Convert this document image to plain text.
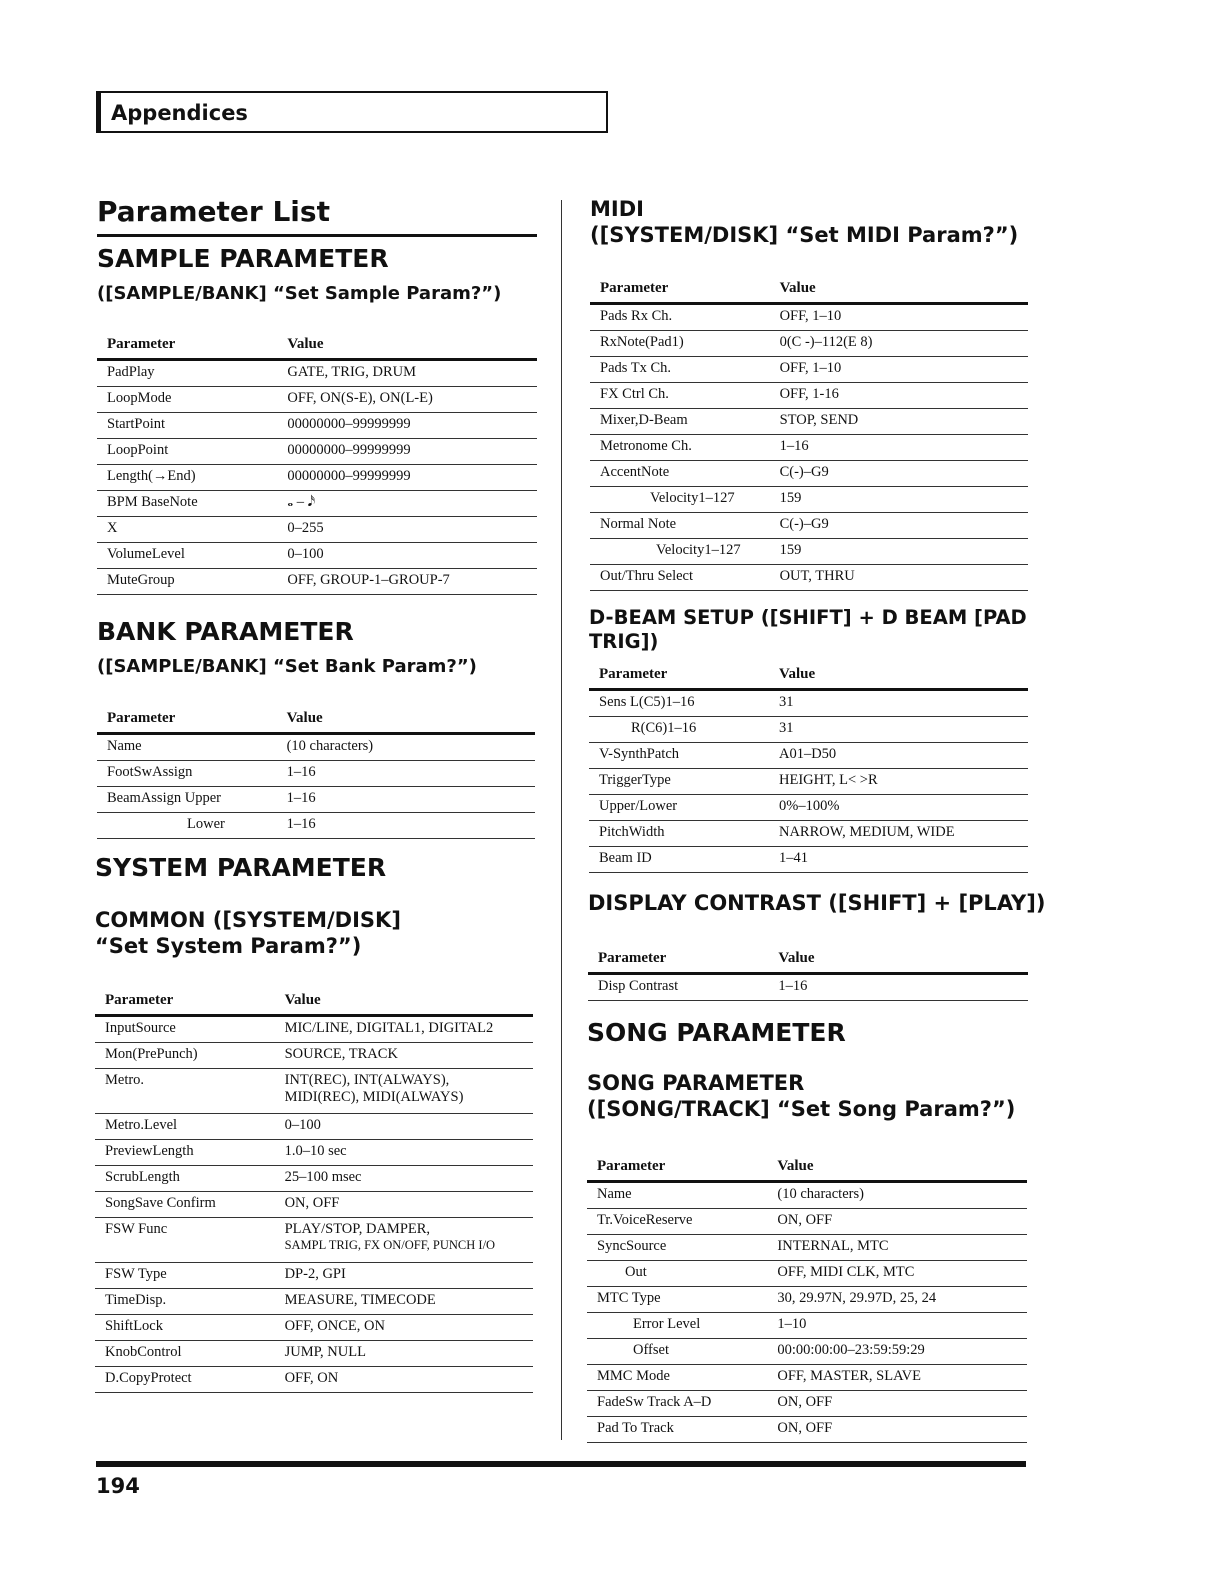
Appendices
Parameter List
SAMPLE PARAMETER
([SAMPLE/BANK] “Set Sample Param?”)
Parameter	Value
PadPlay	GATE, TRIG, DRUM
LoopMode	OFF, ON(S-E), ON(L-E)
StartPoint	00000000–99999999
LoopPoint	00000000–99999999
Length(→End)	00000000–99999999
BPM BaseNote	𝅝 – 𝅘𝅥𝅯
X	0–255
VolumeLevel	0–100
MuteGroup	OFF, GROUP-1–GROUP-7
BANK PARAMETER
([SAMPLE/BANK] “Set Bank Param?”)
Parameter	Value
Name	(10 characters)
FootSwAssign	1–16
BeamAssign Upper	1–16
Lower	1–16
SYSTEM PARAMETER
COMMON ([SYSTEM/DISK]
“Set System Param?”)
Parameter	Value
InputSource	MIC/LINE, DIGITAL1, DIGITAL2
Mon(PrePunch)	SOURCE, TRACK
Metro.	INT(REC), INT(ALWAYS),
MIDI(REC), MIDI(ALWAYS)

Metro.Level	0–100
PreviewLength	1.0–10 sec
ScrubLength	25–100 msec
SongSave Confirm	ON, OFF
FSW Func	PLAY/STOP, DAMPER,
SAMPL TRIG, FX ON/OFF, PUNCH I/O

FSW Type	DP-2, GPI
TimeDisp.	MEASURE, TIMECODE
ShiftLock	OFF, ONCE, ON
KnobControl	JUMP, NULL
D.CopyProtect	OFF, ON
MIDI
([SYSTEM/DISK] “Set MIDI Param?”)
Parameter	Value
Pads Rx Ch.	OFF, 1–10
RxNote(Pad1)	0(C -)–112(E 8)
Pads Tx Ch.	OFF, 1–10
FX Ctrl Ch.	OFF, 1-16
Mixer,D-Beam	STOP, SEND
Metronome Ch.	1–16
AccentNote	C(-)–G9
Velocity1–127	159
Normal Note	C(-)–G9
Velocity1–127	159
Out/Thru Select	OUT, THRU
D-BEAM SETUP ([SHIFT] + D BEAM [PAD TRIG])
Parameter	Value
Sens L(C5)1–16	31
R(C6)1–16	31
V-SynthPatch	A01–D50
TriggerType	HEIGHT, L< >R
Upper/Lower	0%–100%
PitchWidth	NARROW, MEDIUM, WIDE
Beam ID	1–41
DISPLAY CONTRAST ([SHIFT] + [PLAY])
Parameter	Value
Disp Contrast	1–16
SONG PARAMETER
SONG PARAMETER
([SONG/TRACK] “Set Song Param?”)
Parameter	Value
Name	(10 characters)
Tr.VoiceReserve	ON, OFF
SyncSource	INTERNAL, MTC
Out	OFF, MIDI CLK, MTC
MTC Type	30, 29.97N, 29.97D, 25, 24
Error Level	1–10
Offset	00:00:00:00–23:59:59:29
MMC Mode	OFF, MASTER, SLAVE
FadeSw Track A–D	ON, OFF
Pad To Track	ON, OFF
194
